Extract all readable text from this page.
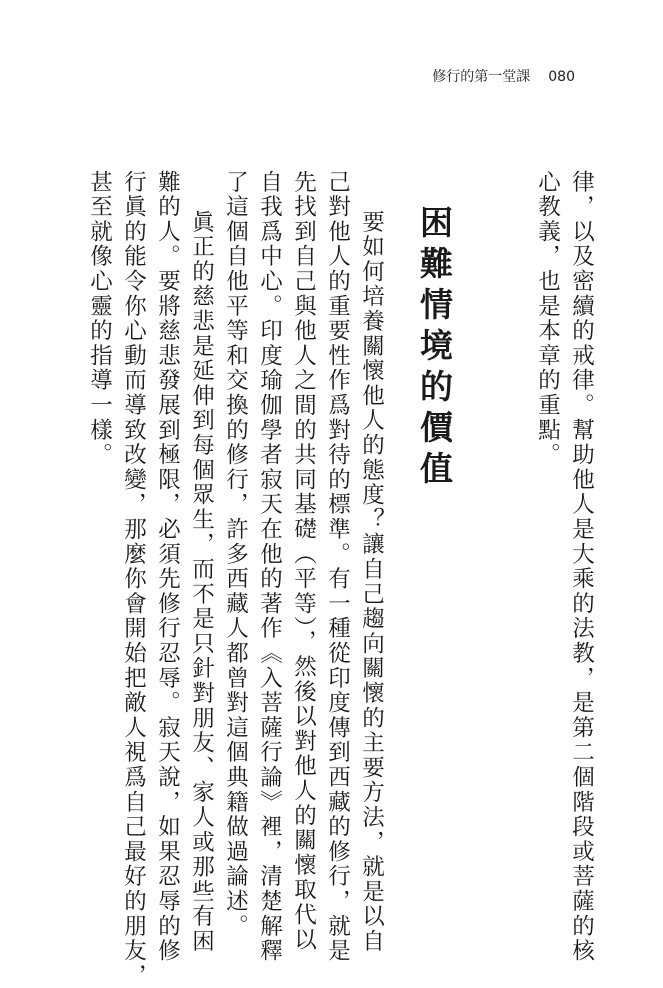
修行的第一堂課 080
律，以及密續的戒律。幫助他人是大乘的法教，是第二個階段或菩薩的核
心教義，也是本章的重點。
困難情境的價值
要如何培養關懷他人的態度？讓自己趨向關懷的主要方法，就是以自
己對他人的重要性作爲對待的標準。有一種從印度傳到西藏的修行，就是
先找到自己與他人之間的共同基礎（平等），然後以對他人的關懷取代以
自我爲中心。印度瑜伽學者寂天在他的著作《入菩薩行論》裡，清楚解釋
了這個自他平等和交換的修行，許多西藏人都曾對這個典籍做過論述。
眞正的慈悲是延伸到每個眾生，而不是只針對朋友、家人或那些有困
難的人。要將慈悲發展到極限，必須先修行忍辱。寂天說，如果忍辱的修
行眞的能令你心動而導致改變，那麼你會開始把敵人視爲自己最好的朋友，
甚至就像心靈的指導一樣。
